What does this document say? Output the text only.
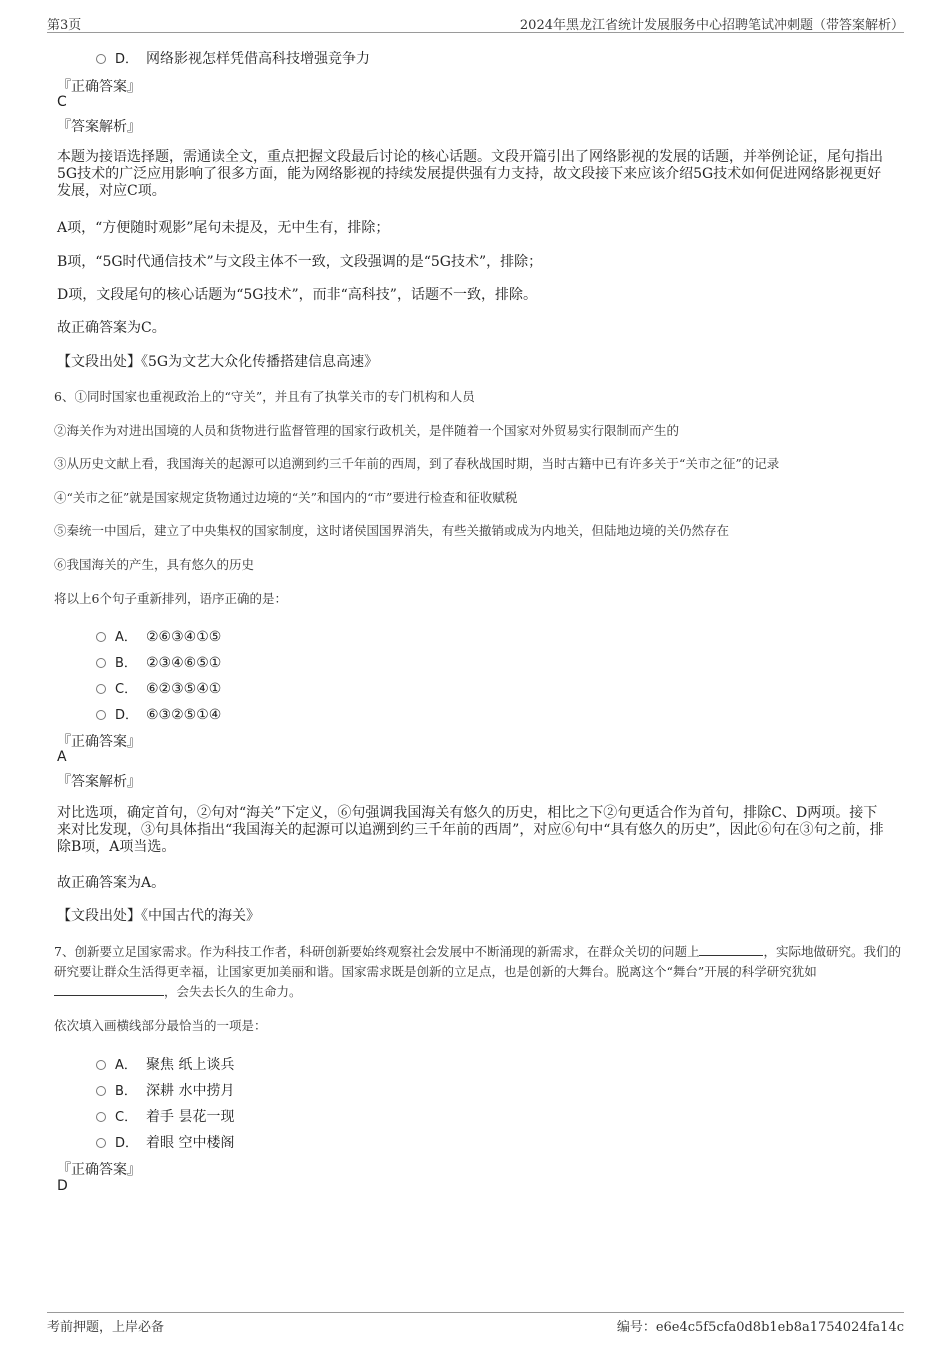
第3页	2024年黑龙江省统计发展服务中心招聘笔试冲刺题（带答案解析）
D． 网络影视怎样凭借高科技增强竞争力
『正确答案』
C
『答案解析』
本题为接语选择题，需通读全文，重点把握文段最后讨论的核心话题。文段开篇引出了网络影视的发展的话题，并举例论证，尾句指出5G技术的广泛应用影响了很多方面，能为网络影视的持续发展提供强有力支持，故文段接下来应该介绍5G技术如何促进网络影视更好发展，对应C项。
A项，“方便随时观影”尾句未提及，无中生有，排除；
B项，“5G时代通信技术”与文段主体不一致，文段强调的是“5G技术”，排除；
D项，文段尾句的核心话题为“5G技术”，而非“高科技”，话题不一致，排除。
故正确答案为C。
【文段出处】《5G为文艺大众化传播搭建信息高速》
6、①同时国家也重视政治上的“守关”，并且有了执掌关市的专门机构和人员
②海关作为对进出国境的人员和货物进行监督管理的国家行政机关，是伴随着一个国家对外贸易实行限制而产生的
③从历史文献上看，我国海关的起源可以追溯到约三千年前的西周，到了春秋战国时期，当时古籍中已有许多关于“关市之征”的记录
④“关市之征”就是国家规定货物通过边境的“关”和国内的“市”要进行检查和征收赋税
⑤秦统一中国后，建立了中央集权的国家制度，这时诸侯国国界消失，有些关撤销或成为内地关，但陆地边境的关仍然存在
⑥我国海关的产生，具有悠久的历史
将以上6个句子重新排列，语序正确的是：
A． ②⑥③④①⑤
B． ②③④⑥⑤①
C． ⑥②③⑤④①
D． ⑥③②⑤①④
『正确答案』
A
『答案解析』
对比选项，确定首句，②句对“海关”下定义，⑥句强调我国海关有悠久的历史，相比之下②句更适合作为首句，排除C、D两项。接下来对比发现，③句具体指出“我国海关的起源可以追溯到约三千年前的西周”，对应⑥句中“具有悠久的历史”，因此⑥句在③句之前，排除B项，A项当选。
故正确答案为A。
【文段出处】《中国古代的海关》
7、创新要立足国家需求。作为科技工作者，科研创新要始终观察社会发展中不断涌现的新需求，在群众关切的问题上	，实际地做研究。我们的研究要让群众生活得更幸福，让国家更加美丽和谐。国家需求既是创新的立足点，也是创新的大舞台。脱离这个“舞台”开展的科学研究犹如，会失去长久的生命力。
依次填入画横线部分最恰当的一项是：
A． 聚焦 纸上谈兵
B． 深耕 水中捞月
C． 着手 昙花一现
D． 着眼 空中楼阁
『正确答案』
D
考前押题，上岸必备	编号：e6e4c5f5cfa0d8b1eb8a1754024fa14c
